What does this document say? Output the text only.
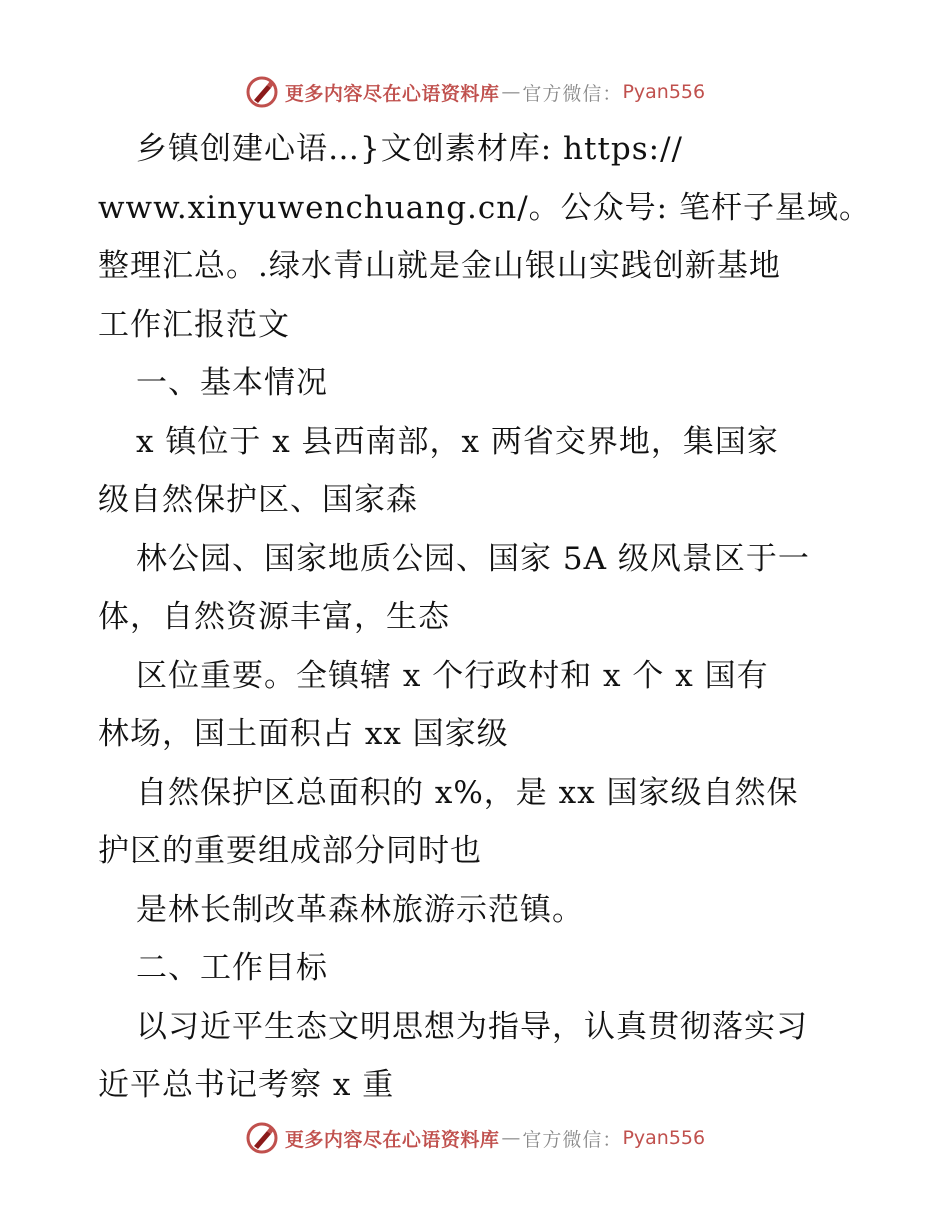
更多内容尽在心语资料库 — 官方微信： Pyan556
乡镇创建心语…}文创素材库: https://
www.xinyuwenchuang.cn/。公众号: 笔杆子星域。
整理汇总。.绿水青山就是金山银山实践创新基地
工作汇报范文
一、基本情况
x 镇位于 x 县西南部，x 两省交界地，集国家
级自然保护区、国家森
林公园、国家地质公园、国家 5A 级风景区于一
体，自然资源丰富，生态
区位重要。全镇辖 x 个行政村和 x 个 x 国有
林场，国土面积占 xx 国家级
自然保护区总面积的 x%，是 xx 国家级自然保
护区的重要组成部分同时也
是林长制改革森林旅游示范镇。
二、工作目标
以习近平生态文明思想为指导，认真贯彻落实习
近平总书记考察 x 重
更多内容尽在心语资料库 — 官方微信： Pyan556
